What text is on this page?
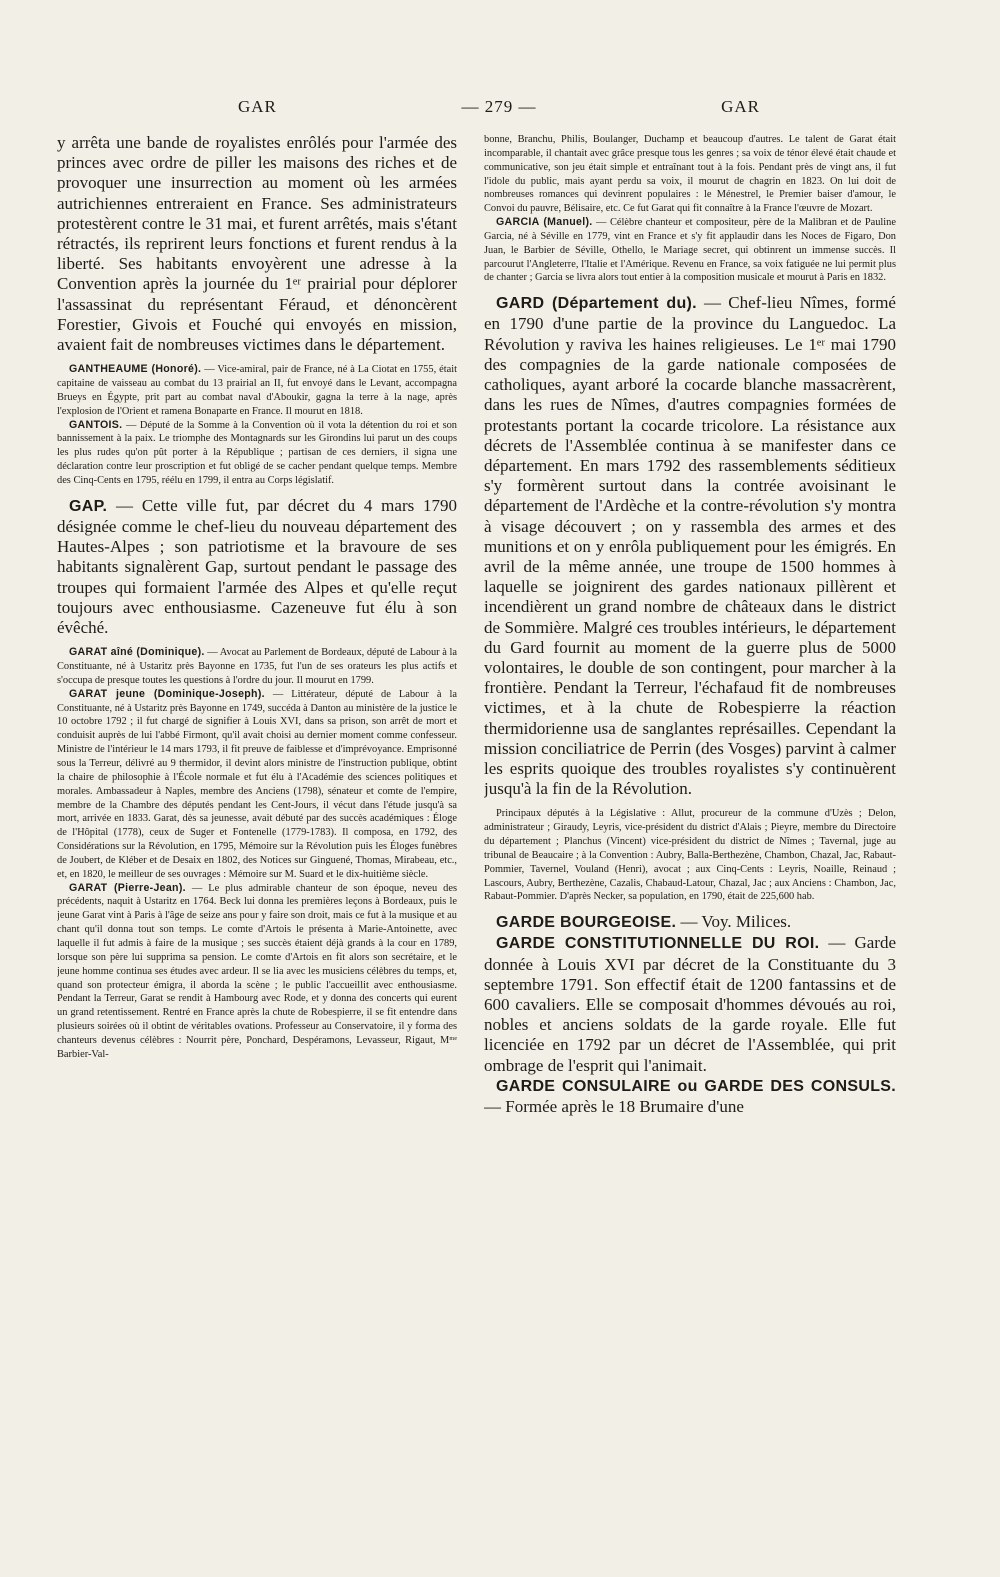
GAR	— 279 —	GAR

y arrêta une bande de royalistes enrôlés pour l'armée des princes avec ordre de piller les maisons des riches et de provoquer une insurrection au moment où les armées autrichiennes entreraient en France. Ses administrateurs protestèrent contre le 31 mai, et furent arrêtés, mais s'étant rétractés, ils reprirent leurs fonctions et furent rendus à la liberté. Ses habitants envoyèrent une adresse à la Convention après la journée du 1ᵉʳ prairial pour déplorer l'assassinat du représentant Féraud, et dénoncèrent Forestier, Givois et Fouché qui envoyés en mission, avaient fait de nombreuses victimes dans le département.

GANTHEAUME (Honoré). — Vice-amiral, pair de France, né à La Ciotat en 1755, était capitaine de vaisseau au combat du 13 prairial an II, fut envoyé dans le Levant, accompagna Brueys en Égypte, prit part au combat naval d'Aboukir, gagna la terre à la nage, après l'explosion de l'Orient et ramena Bonaparte en France. Il mourut en 1818.

GANTOIS. — Député de la Somme à la Convention où il vota la détention du roi et son bannissement à la paix. Le triomphe des Montagnards sur les Girondins lui parut un des coups les plus rudes qu'on pût porter à la République ; partisan de ces derniers, il signa une déclaration contre leur proscription et fut obligé de se cacher pendant quelque temps. Membre des Cinq-Cents en 1795, réélu en 1799, il entra au Corps législatif.

GAP. — Cette ville fut, par décret du 4 mars 1790 désignée comme le chef-lieu du nouveau département des Hautes-Alpes ; son patriotisme et la bravoure de ses habitants signalèrent Gap, surtout pendant le passage des troupes qui formaient l'armée des Alpes et qu'elle reçut toujours avec enthousiasme. Cazeneuve fut élu à son évêché.

GARAT aîné (Dominique). — Avocat au Parlement de Bordeaux, député de Labour à la Constituante, né à Ustaritz près Bayonne en 1735, fut l'un de ses orateurs les plus actifs et s'occupa de presque toutes les questions à l'ordre du jour. Il mourut en 1799.

GARAT jeune (Dominique-Joseph). — Littérateur, député de Labour à la Constituante, né à Ustaritz près Bayonne en 1749, succéda à Danton au ministère de la justice le 10 octobre 1792 ; il fut chargé de signifier à Louis XVI, dans sa prison, son arrêt de mort et conduisit auprès de lui l'abbé Firmont, qu'il avait choisi au dernier moment comme confesseur. Ministre de l'intérieur le 14 mars 1793, il fit preuve de faiblesse et d'imprévoyance. Emprisonné sous la Terreur, délivré au 9 thermidor, il devint alors ministre de l'instruction publique, obtint la chaire de philosophie à l'École normale et fut élu à l'Académie des sciences politiques et morales. Ambassadeur à Naples, membre des Anciens (1798), sénateur et comte de l'empire, membre de la Chambre des députés pendant les Cent-Jours, il vécut dans l'étude jusqu'à sa mort, arrivée en 1833. Garat, dès sa jeunesse, avait débuté par des succès académiques : Éloge de l'Hôpital (1778), ceux de Suger et Fontenelle (1779-1783). Il composa, en 1792, des Considérations sur la Révolution, en 1795, Mémoire sur la Révolution puis les Éloges funèbres de Joubert, de Kléber et de Desaix en 1802, des Notices sur Ginguené, Thomas, Mirabeau, etc., et, en 1820, le meilleur de ses ouvrages : Mémoire sur M. Suard et le dix-huitième siècle.

GARAT (Pierre-Jean). — Le plus admirable chanteur de son époque, neveu des précédents, naquit à Ustaritz en 1764. Beck lui donna les premières leçons à Bordeaux, puis le jeune Garat vint à Paris à l'âge de seize ans pour y faire son droit, mais ce fut à la musique et au chant qu'il donna tout son temps. Le comte d'Artois le présenta à Marie-Antoinette, avec laquelle il fut admis à faire de la musique ; ses succès étaient déjà grands à la cour en 1789, lorsque son père lui supprima sa pension. Le comte d'Artois en fit alors son secrétaire, et le jeune homme continua ses études avec ardeur. Il se lia avec les musiciens célèbres du temps, et, quand son protecteur émigra, il aborda la scène ; le public l'accueillit avec enthousiasme. Pendant la Terreur, Garat se rendit à Hambourg avec Rode, et y donna des concerts qui eurent un grand retentissement. Rentré en France après la chute de Robespierre, il se fit entendre dans plusieurs soirées où il obtint de véritables ovations. Professeur au Conservatoire, il y forma des chanteurs devenus célèbres : Nourrit père, Ponchard, Despéramons, Levasseur, Rigaut, Mᵐᵉ Barbier-Val-

bonne, Branchu, Philis, Boulanger, Duchamp et beaucoup d'autres. Le talent de Garat était incomparable, il chantait avec grâce presque tous les genres ; sa voix de ténor élevé était chaude et communicative, son jeu était simple et entraînant tout à la fois. Pendant près de vingt ans, il fut l'idole du public, mais ayant perdu sa voix, il mourut de chagrin en 1823. On lui doit de nombreuses romances qui devinrent populaires : le Ménestrel, le Premier baiser d'amour, le Convoi du pauvre, Bélisaire, etc. Ce fut Garat qui fit connaître à la France l'œuvre de Mozart.

GARCIA (Manuel). — Célèbre chanteur et compositeur, père de la Malibran et de Pauline Garcia, né à Séville en 1779, vint en France et s'y fit applaudir dans les Noces de Figaro, Don Juan, le Barbier de Séville, Othello, le Mariage secret, qui obtinrent un immense succès. Il parcourut l'Angleterre, l'Italie et l'Amérique. Revenu en France, sa voix fatiguée ne lui permit plus de chanter ; Garcia se livra alors tout entier à la composition musicale et mourut à Paris en 1832.

GARD (Département du). — Chef-lieu Nîmes, formé en 1790 d'une partie de la province du Languedoc. La Révolution y raviva les haines religieuses. Le 1ᵉʳ mai 1790 des compagnies de la garde nationale composées de catholiques, ayant arboré la cocarde blanche massacrèrent, dans les rues de Nîmes, d'autres compagnies formées de protestants portant la cocarde tricolore. La résistance aux décrets de l'Assemblée continua à se manifester dans ce département. En mars 1792 des rassemblements séditieux s'y formèrent surtout dans la contrée avoisinant le département de l'Ardèche et la contre-révolution s'y montra à visage découvert ; on y rassembla des armes et des munitions et on y enrôla publiquement pour les émigrés. En avril de la même année, une troupe de 1500 hommes à laquelle se joignirent des gardes nationaux pillèrent et incendièrent un grand nombre de châteaux dans le district de Sommière. Malgré ces troubles intérieurs, le département du Gard fournit au moment de la guerre plus de 5000 volontaires, le double de son contingent, pour marcher à la frontière. Pendant la Terreur, l'échafaud fit de nombreuses victimes, et à la chute de Robespierre la réaction thermidorienne usa de sanglantes représailles. Cependant la mission conciliatrice de Perrin (des Vosges) parvint à calmer les esprits quoique des troubles royalistes s'y continuèrent jusqu'à la fin de la Révolution.

Principaux députés à la Législative : Allut, procureur de la commune d'Uzès ; Delon, administrateur ; Giraudy, Leyris, vice-président du district d'Alais ; Pieyre, membre du Directoire du département ; Planchus (Vincent) vice-président du district de Nîmes ; Tavernal, juge au tribunal de Beaucaire ; à la Convention : Aubry, Balla-Berthezène, Chambon, Chazal, Jac, Rabaut-Pommier, Tavernel, Vouland (Henri), avocat ; aux Cinq-Cents : Leyris, Noaille, Reinaud ; Lascours, Aubry, Berthezène, Cazalis, Chabaud-Latour, Chazal, Jac ; aux Anciens : Chambon, Jac, Rabaut-Pommier. D'après Necker, sa population, en 1790, était de 225,600 hab.

GARDE BOURGEOISE. — Voy. Milices.

GARDE CONSTITUTIONNELLE DU ROI. — Garde donnée à Louis XVI par décret de la Constituante du 3 septembre 1791. Son effectif était de 1200 fantassins et de 600 cavaliers. Elle se composait d'hommes dévoués au roi, nobles et anciens soldats de la garde royale. Elle fut licenciée en 1792 par un décret de l'Assemblée, qui prit ombrage de l'esprit qui l'animait.

GARDE CONSULAIRE ou GARDE DES CONSULS. — Formée après le 18 Brumaire d'une
